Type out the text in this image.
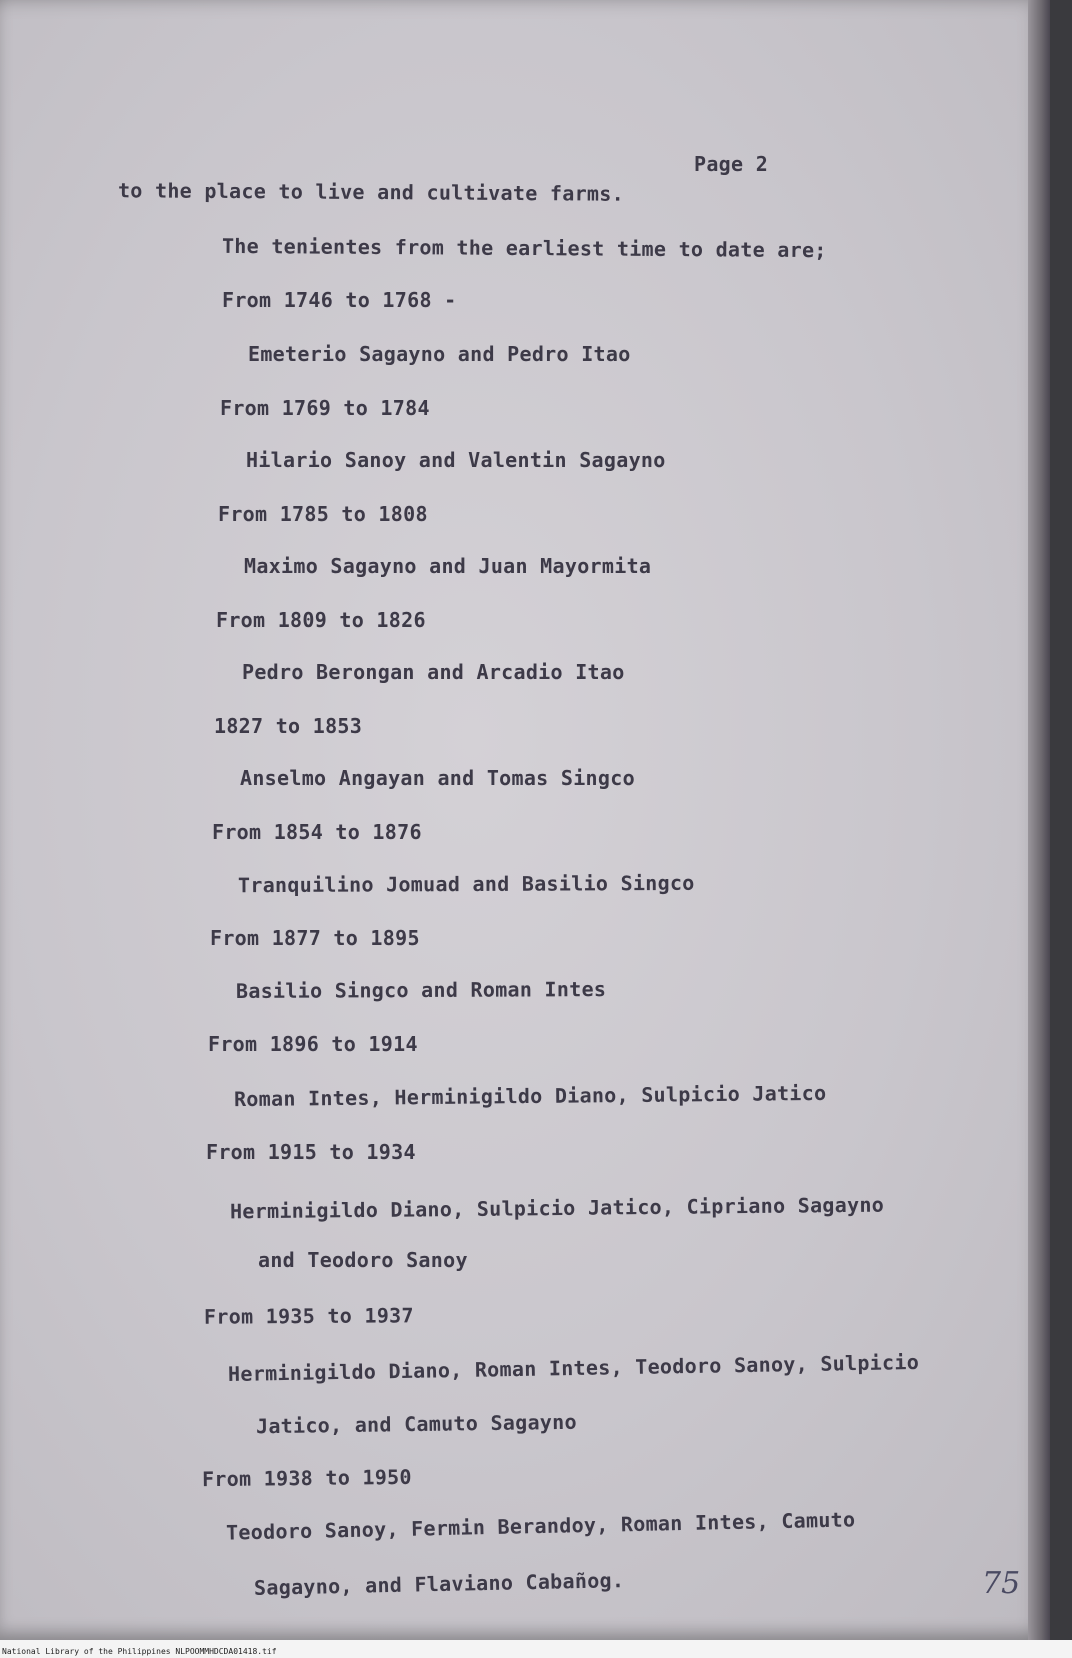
Page 2
to the place to live and cultivate farms.
The tenientes from the earliest time to date are;
From 1746 to 1768 -
Emeterio Sagayno and Pedro Itao
From 1769 to 1784
Hilario Sanoy and Valentin Sagayno
From 1785 to 1808
Maximo Sagayno and Juan Mayormita
From 1809 to 1826
Pedro Berongan and Arcadio Itao
1827 to 1853
Anselmo Angayan and Tomas Singco
From 1854 to 1876
Tranquilino Jomuad and Basilio Singco
From 1877 to 1895
Basilio Singco and Roman Intes
From 1896 to 1914
Roman Intes, Herminigildo Diano, Sulpicio Jatico
From 1915 to 1934
Herminigildo Diano, Sulpicio Jatico, Cipriano Sagayno
and Teodoro Sanoy
From 1935 to 1937
Herminigildo Diano, Roman Intes, Teodoro Sanoy, Sulpicio
Jatico, and Camuto Sagayno
From 1938 to 1950
Teodoro Sanoy, Fermin Berandoy, Roman Intes, Camuto
Sagayno, and Flaviano Cabañog.	75
National Library of the Philippines NLPOOMMHDCDA01418.tif
